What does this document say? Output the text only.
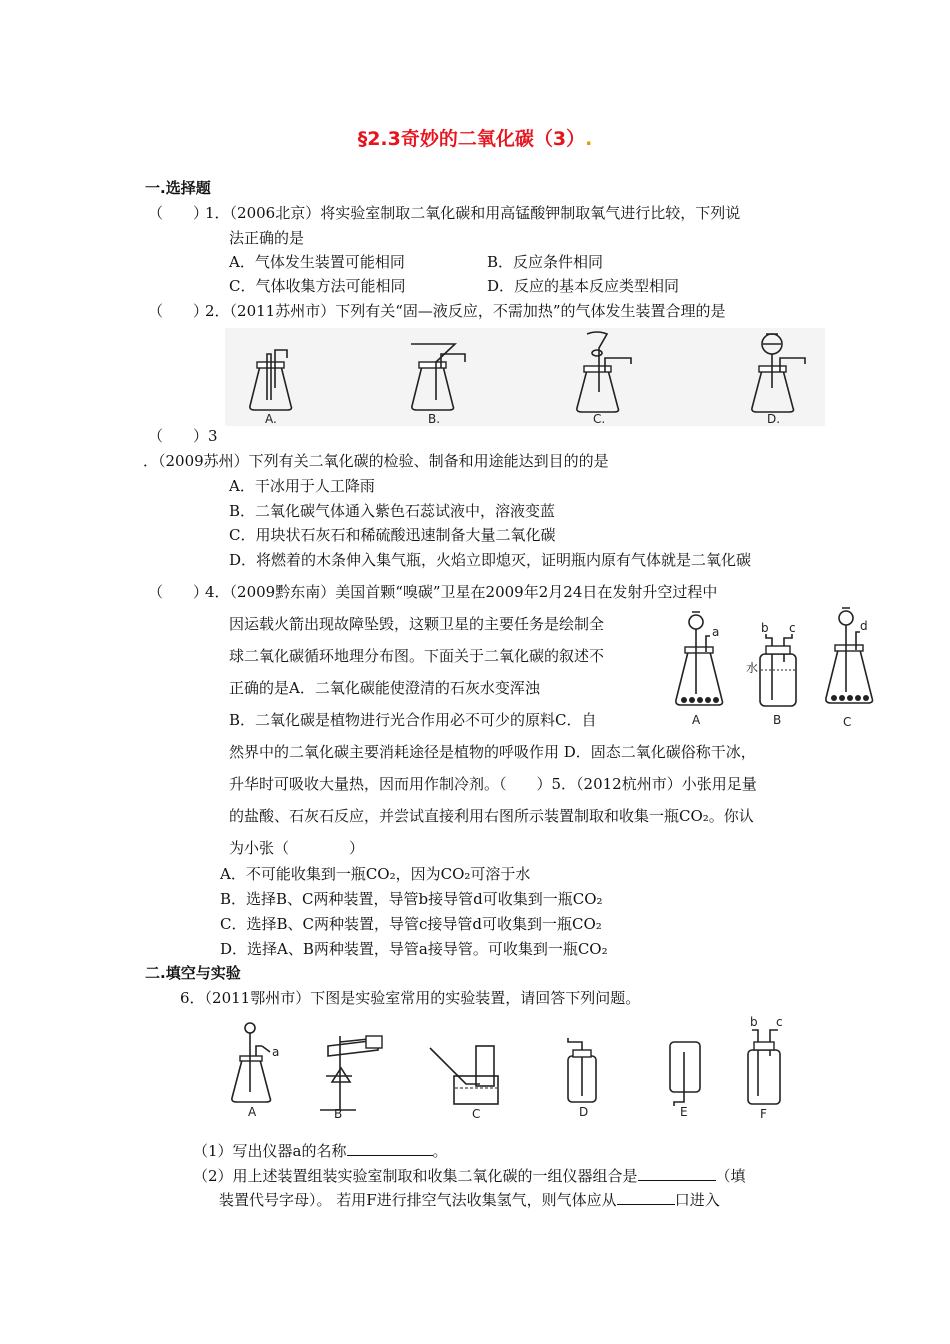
§2.3奇妙的二氧化碳（3）.
一.选择题
（　　）
1．（2006北京）将实验室制取二氧化碳和用高锰酸钾制取氧气进行比较，下列说
法正确的是
A．气体发生装置可能相同	B．反应条件相同
C．气体收集方法可能相同	D．反应的基本反应类型相同
（　　）
2．（2011苏州市）下列有关“固—液反应，不需加热”的气体发生装置合理的是
A.	B.	C.	D.
（　　）3
．（2009苏州）下列有关二氧化碳的检验、制备和用途能达到目的的是
A．干冰用于人工降雨
B．二氧化碳气体通入紫色石蕊试液中，溶液变蓝
C．用块状石灰石和稀硫酸迅速制备大量二氧化碳
D．将燃着的木条伸入集气瓶，火焰立即熄灭，证明瓶内原有气体就是二氧化碳
（　　）
4．（2009黔东南）美国首颗“嗅碳”卫星在2009年2月24日在发射升空过程中
因运载火箭出现故障坠毁，这颗卫星的主要任务是绘制全
球二氧化碳循环地理分布图。下面关于二氧化碳的叙述不
正确的是A．二氧化碳能使澄清的石灰水变浑浊
B．二氧化碳是植物进行光合作用必不可少的原料C．自
然界中的二氧化碳主要消耗途径是植物的呼吸作用 D．固态二氧化碳俗称干冰，
升华时可吸收大量热，因而用作制冷剂。（　　）5．（2012杭州市）小张用足量
的盐酸、石灰石反应，并尝试直接利用右图所示装置制取和收集一瓶CO₂。你认
为小张（　　　　）
a	b c	d
水
A	B	C
A．不可能收集到一瓶CO₂，因为CO₂可溶于水
B．选择B、C两种装置，导管b接导管d可收集到一瓶CO₂
C．选择B、C两种装置，导管c接导管d可收集到一瓶CO₂
D．选择A、B两种装置，导管a接导管。可收集到一瓶CO₂
二.填空与实验
6．（2011鄂州市）下图是实验室常用的实验装置，请回答下列问题。
A	B	C	D	E	F
a
b c
（1）写出仪器a的名称	。
（2）用上述装置组装实验室制取和收集二氧化碳的一组仪器组合是	（填
装置代号字母）。 若用F进行排空气法收集氢气，则气体应从	口进入
